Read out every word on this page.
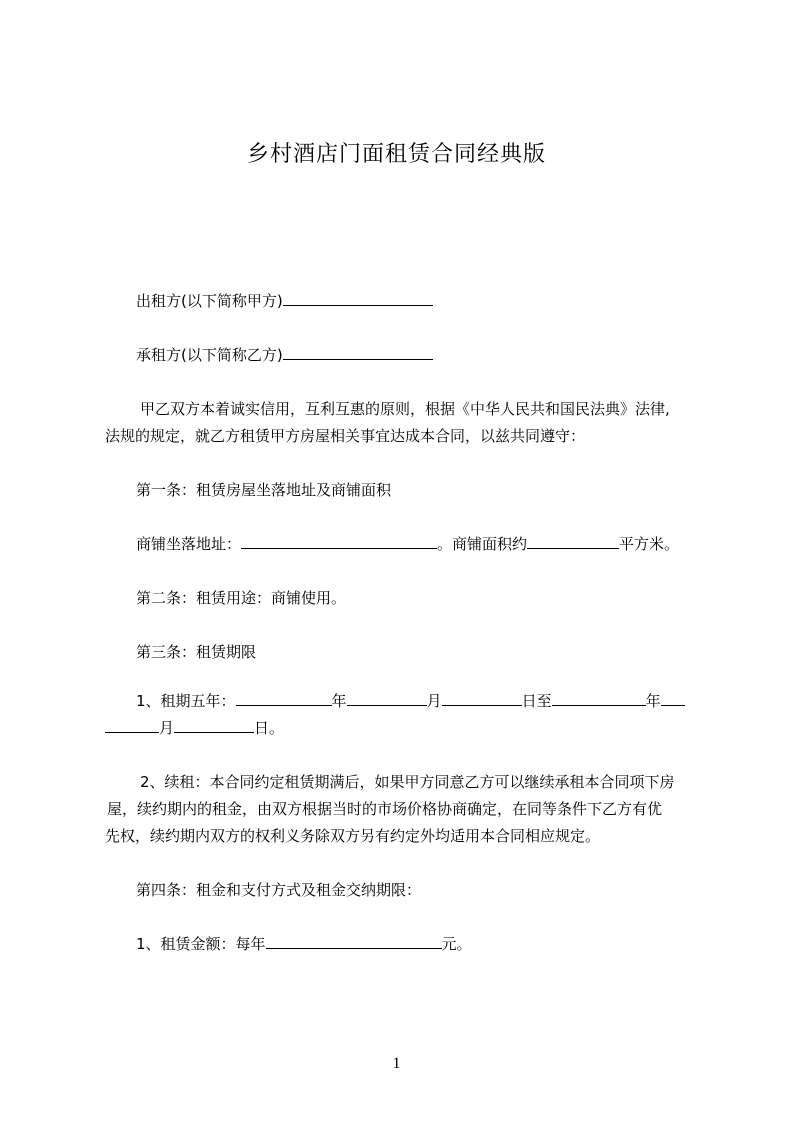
乡村酒店门面租赁合同经典版
出租方(以下简称甲方)
承租方(以下简称乙方)
甲乙双方本着诚实信用，互利互惠的原则，根据《中华人民共和国民法典》法律,
法规的规定，就乙方租赁甲方房屋相关事宜达成本合同，以兹共同遵守：
第一条：租赁房屋坐落地址及商铺面积
商铺坐落地址：	。商铺面积约	平方米。
第二条：租赁用途：商铺使用。
第三条：租赁期限
1、租期五年：	年	月	日至	年
月	日。
2、续租：本合同约定租赁期满后，如果甲方同意乙方可以继续承租本合同项下房
屋，续约期内的租金，由双方根据当时的市场价格协商确定，在同等条件下乙方有优
先权，续约期内双方的权利义务除双方另有约定外均适用本合同相应规定。
第四条：租金和支付方式及租金交纳期限：
1、租赁金额：每年	元。
1
